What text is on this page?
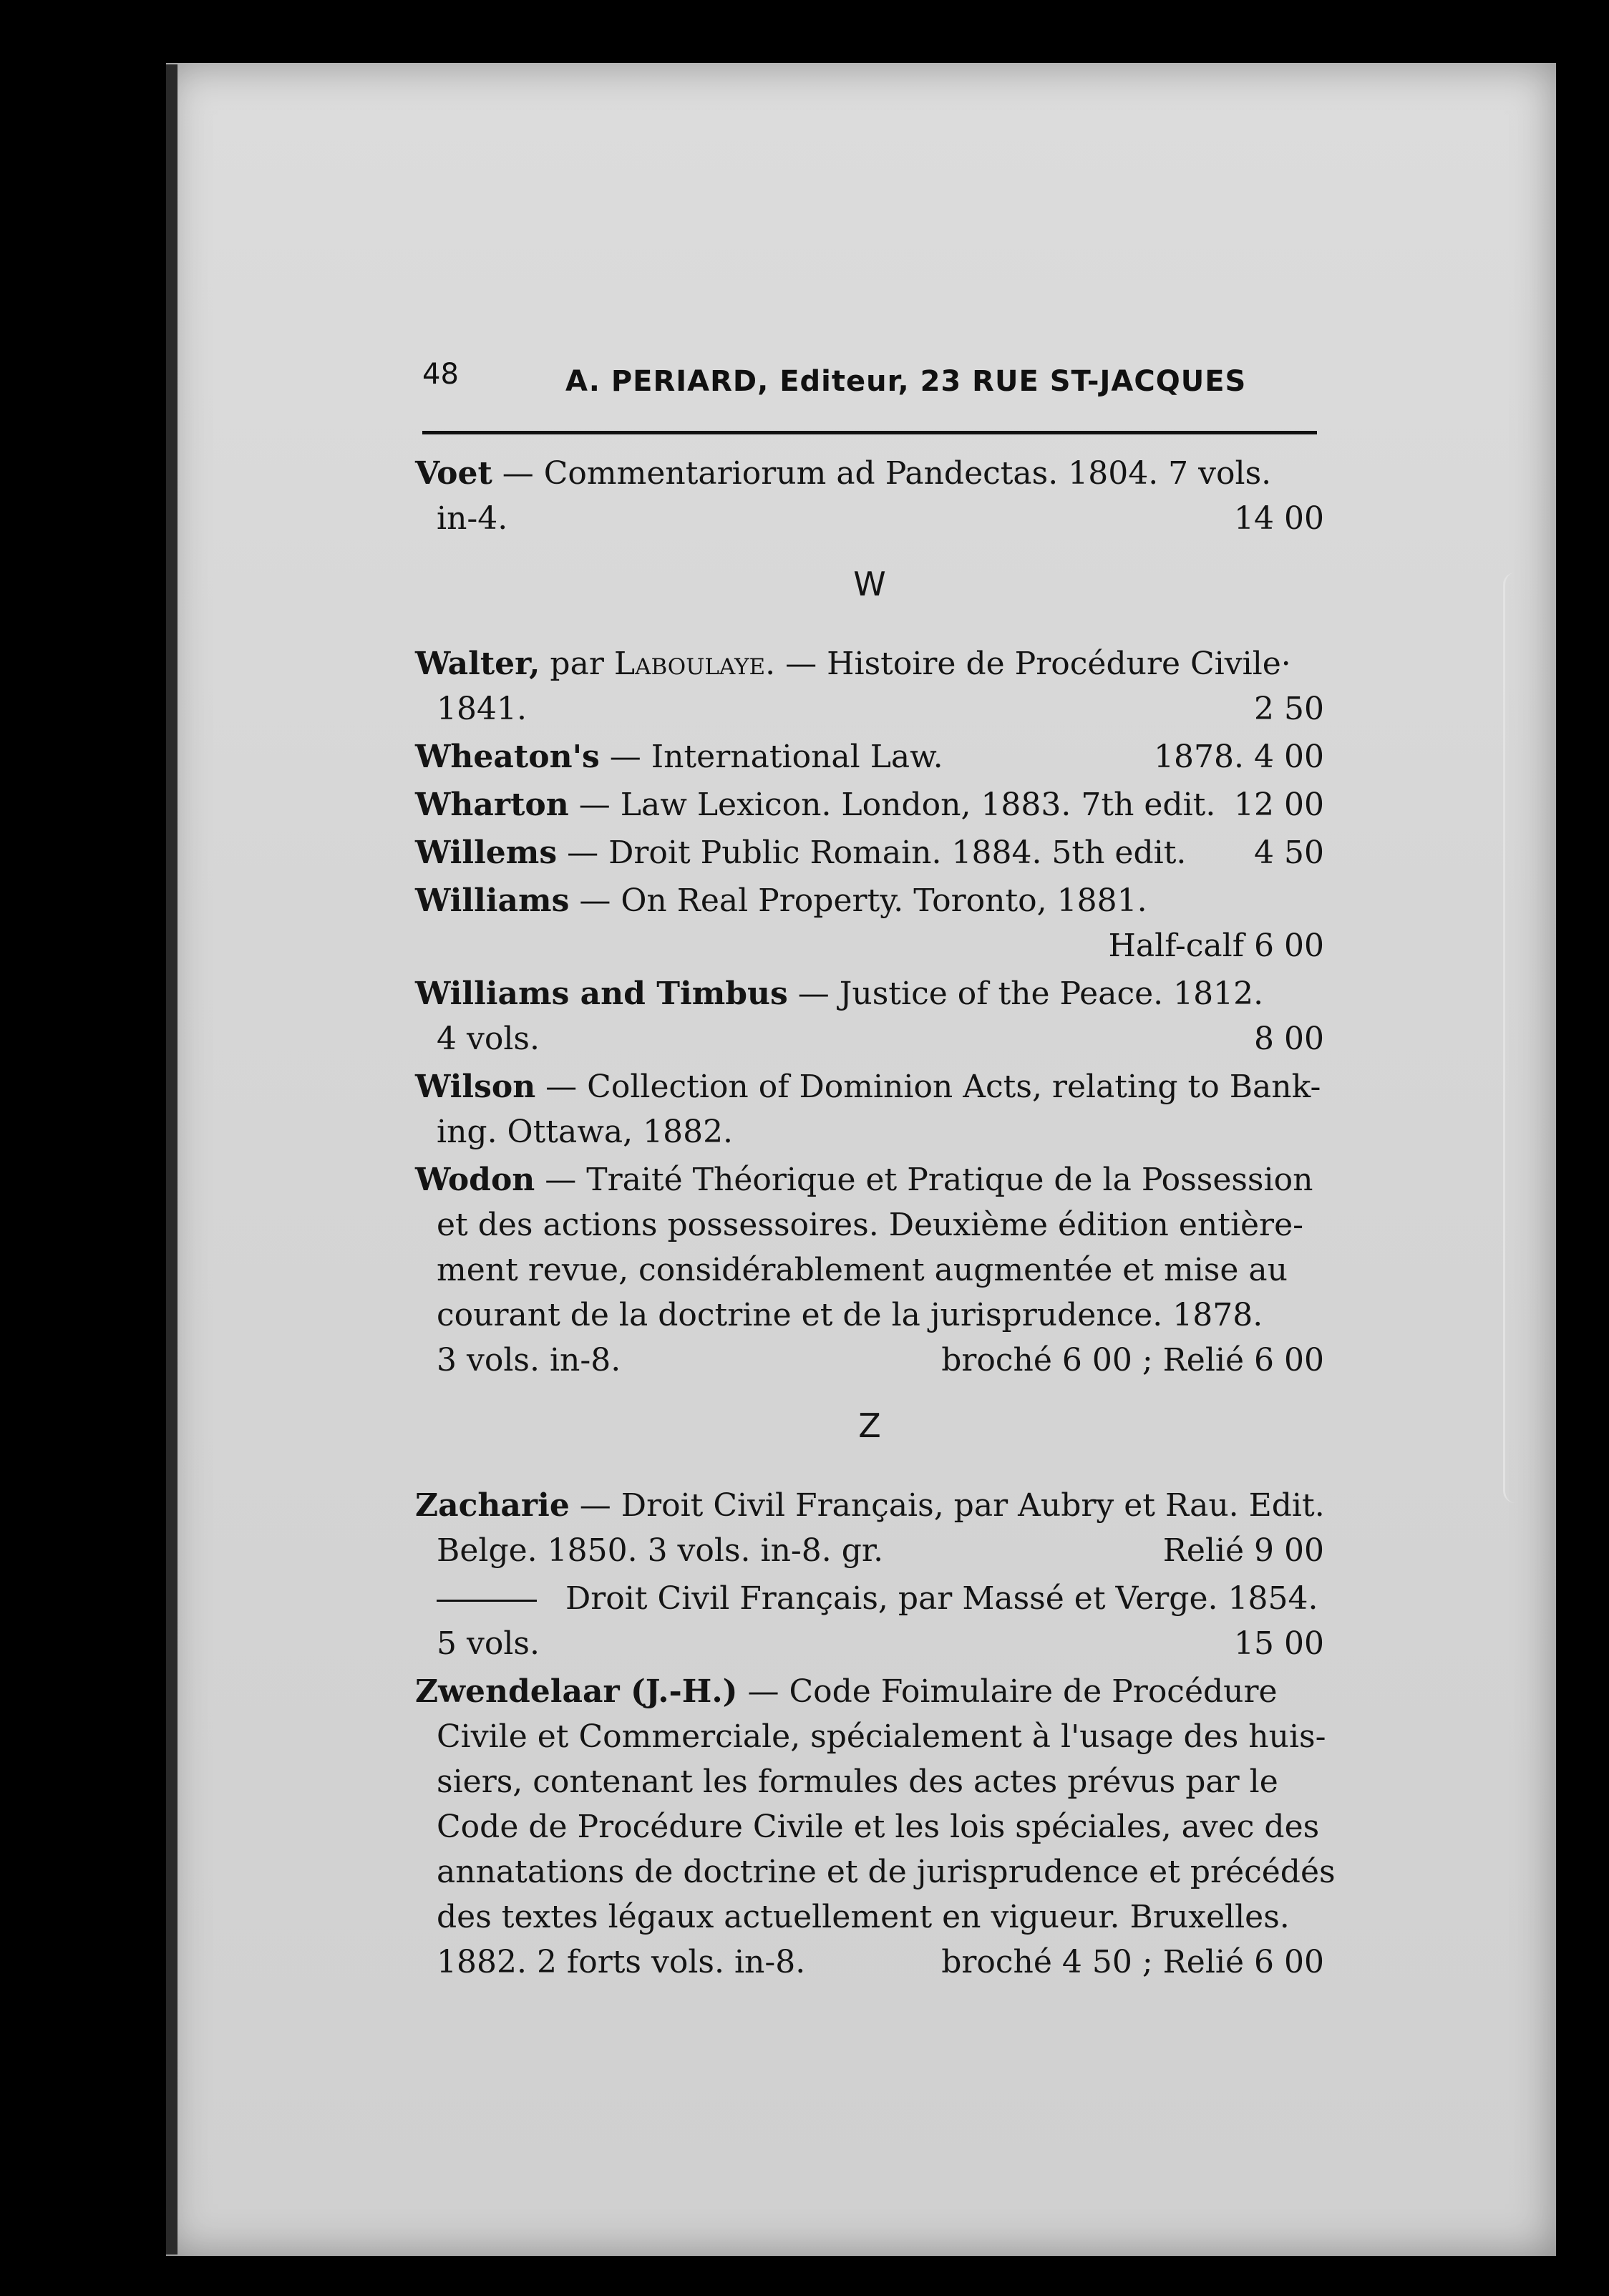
48	A. PERIARD, Editeur, 23 RUE ST-JACQUES
Voet — Commentariorum ad Pandectas. 1804. 7 vols.
in-4.	14 00
W
Walter, par Laboulaye. — Histoire de Procédure Civile·
1841.	2 50
Wheaton's — International Law.	1878. 4 00
Wharton — Law Lexicon. London, 1883. 7th edit. 12 00
Willems — Droit Public Romain. 1884. 5th edit. 4 50
Williams — On Real Property. Toronto, 1881.
Half-calf 6 00
Williams and Timbus — Justice of the Peace. 1812.
4 vols.	8 00
Wilson — Collection of Dominion Acts, relating to Bank-
ing. Ottawa, 1882.
Wodon — Traité Théorique et Pratique de la Possession
et des actions possessoires. Deuxième édition entière-
ment revue, considérablement augmentée et mise au
courant de la doctrine et de la jurisprudence. 1878.
3 vols. in-8.	broché 6 00 ; Relié 6 00
Z
Zacharie — Droit Civil Français, par Aubry et Rau. Edit.
Belge. 1850. 3 vols. in-8. gr.	Relié 9 00
Droit Civil Français, par Massé et Verge. 1854.
5 vols.	15 00
Zwendelaar (J.-H.) — Code Foimulaire de Procédure
Civile et Commerciale, spécialement à l'usage des huis-
siers, contenant les formules des actes prévus par le
Code de Procédure Civile et les lois spéciales, avec des
annatations de doctrine et de jurisprudence et précédés
des textes légaux actuellement en vigueur. Bruxelles.
1882. 2 forts vols. in-8.	broché 4 50 ; Relié 6 00
